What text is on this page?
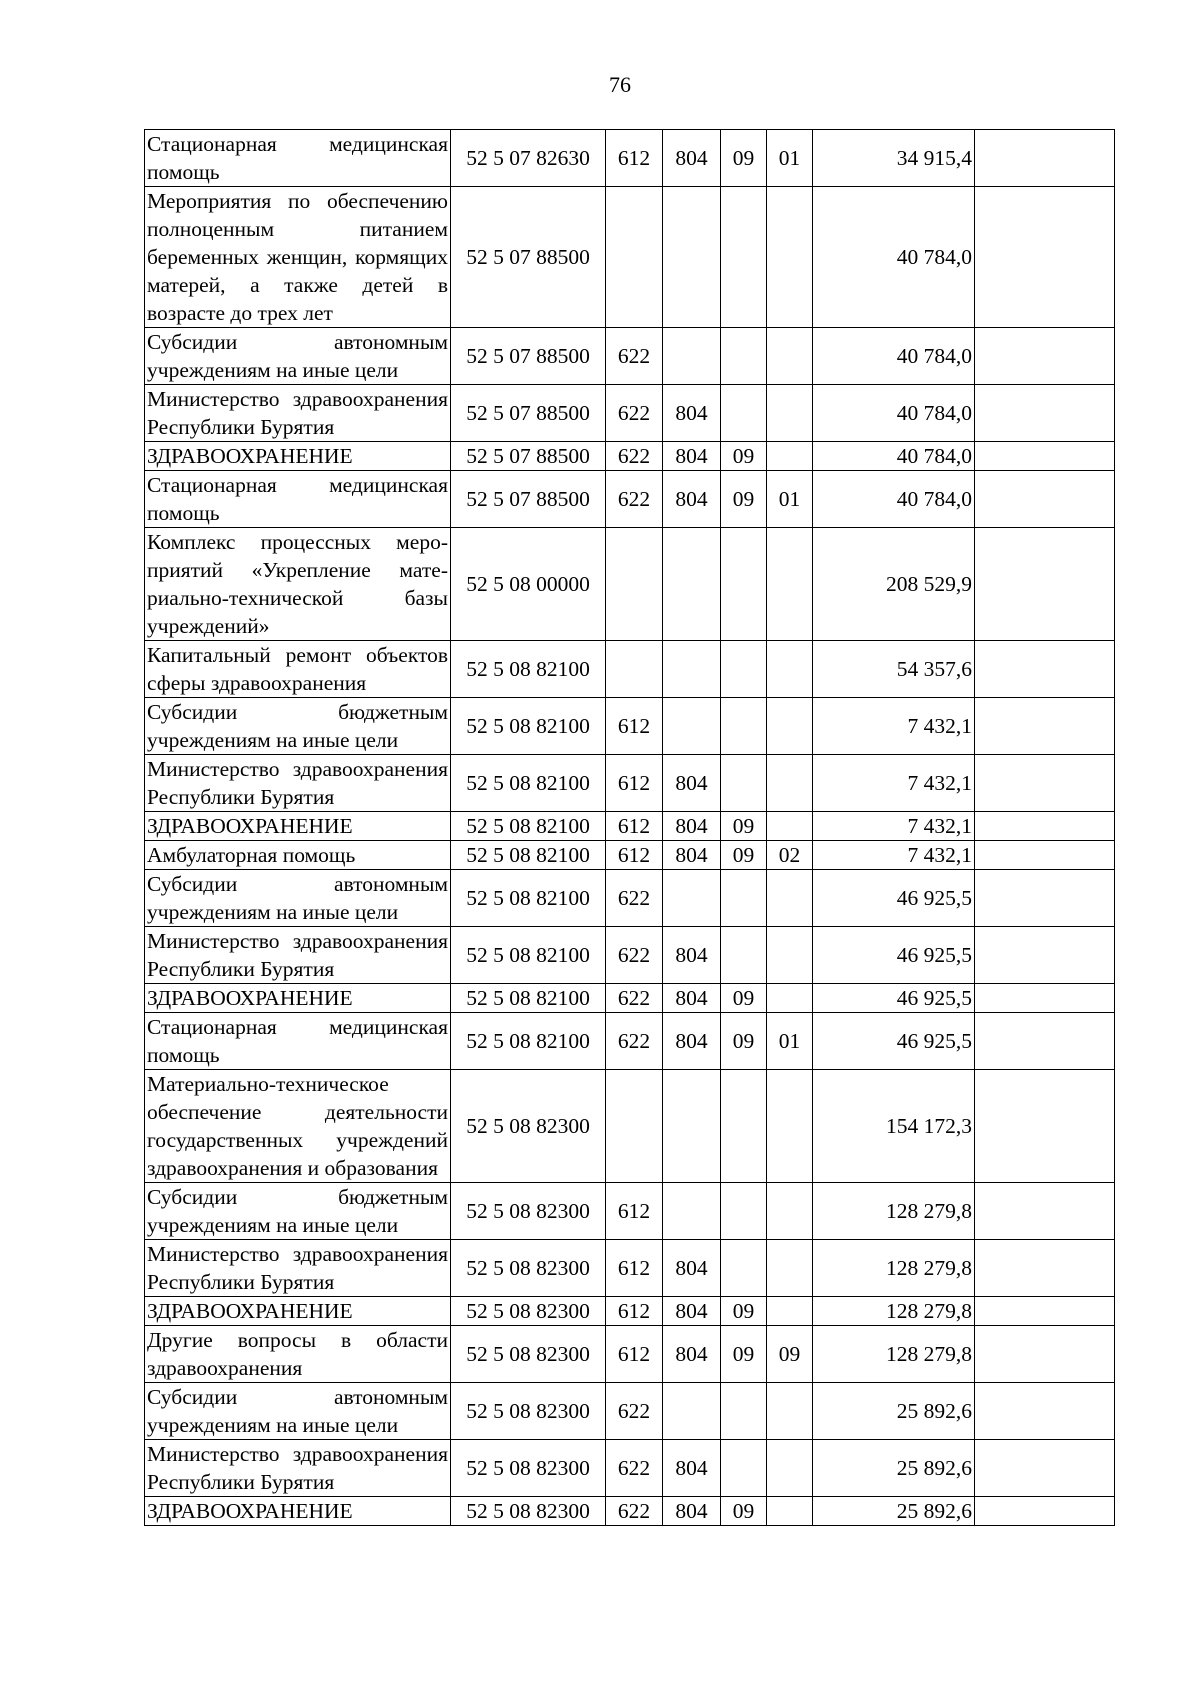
76
Стационарная медицинская помощь	52 5 07 82630	612	804	09	01	34 915,4	
Мероприятия по обеспечению полноценным питанием беременных женщин, кормящих матерей, а также детей в возрасте до трех лет	52 5 07 88500					40 784,0	
Субсидии автономным учреждениям на иные цели	52 5 07 88500	622				40 784,0	
Министерство здравоохранения Республики Бурятия	52 5 07 88500	622	804			40 784,0	
ЗДРАВООХРАНЕНИЕ	52 5 07 88500	622	804	09		40 784,0	
Стационарная медицинская помощь	52 5 07 88500	622	804	09	01	40 784,0	
Комплекс процессных мероприятий «Укрепление материально-технической базы учреждений»	52 5 08 00000					208 529,9	
Капитальный ремонт объектов сферы здравоохранения	52 5 08 82100					54 357,6	
Субсидии бюджетным учреждениям на иные цели	52 5 08 82100	612				7 432,1	
Министерство здравоохранения Республики Бурятия	52 5 08 82100	612	804			7 432,1	
ЗДРАВООХРАНЕНИЕ	52 5 08 82100	612	804	09		7 432,1	
Амбулаторная помощь	52 5 08 82100	612	804	09	02	7 432,1	
Субсидии автономным учреждениям на иные цели	52 5 08 82100	622				46 925,5	
Министерство здравоохранения Республики Бурятия	52 5 08 82100	622	804			46 925,5	
ЗДРАВООХРАНЕНИЕ	52 5 08 82100	622	804	09		46 925,5	
Стационарная медицинская помощь	52 5 08 82100	622	804	09	01	46 925,5	
Материально-техническое обеспечение деятельности государственных учреждений здравоохранения и образования	52 5 08 82300					154 172,3	
Субсидии бюджетным учреждениям на иные цели	52 5 08 82300	612				128 279,8	
Министерство здравоохранения Республики Бурятия	52 5 08 82300	612	804			128 279,8	
ЗДРАВООХРАНЕНИЕ	52 5 08 82300	612	804	09		128 279,8	
Другие вопросы в области здравоохранения	52 5 08 82300	612	804	09	09	128 279,8	
Субсидии автономным учреждениям на иные цели	52 5 08 82300	622				25 892,6	
Министерство здравоохранения Республики Бурятия	52 5 08 82300	622	804			25 892,6	
ЗДРАВООХРАНЕНИЕ	52 5 08 82300	622	804	09		25 892,6	
